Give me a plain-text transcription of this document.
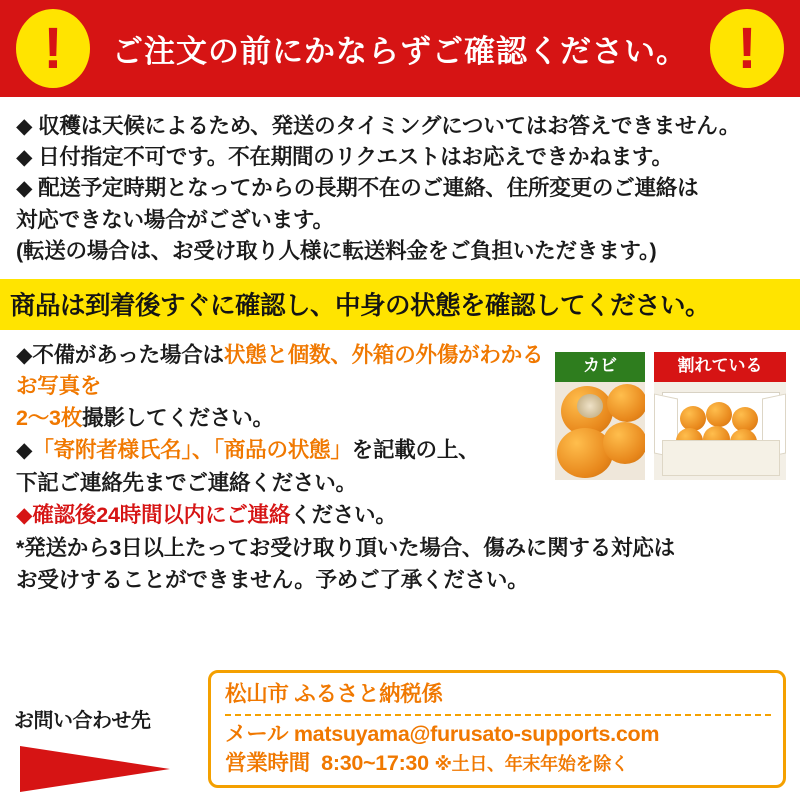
! ご注文の前にかならずご確認ください。 !
◆ 収穫は天候によるため、発送のタイミングについてはお答えできません。
◆ 日付指定不可です。不在期間のリクエストはお応えできかねます。
◆ 配送予定時期となってからの長期不在のご連絡、住所変更のご連絡は
対応できない場合がございます。
(転送の場合は、お受け取り人様に転送料金をご負担いただきます。)
商品は到着後すぐに確認し、中身の状態を確認してください。
カビ	割れている
◆不備があった場合は状態と個数、外箱の外傷がわかるお写真を
2～3枚撮影してください。
◆「寄附者様氏名」、「商品の状態」を記載の上、
下記ご連絡先までご連絡ください。
◆確認後24時間以内にご連絡ください。
*発送から3日以上たってお受け取り頂いた場合、傷みに関する対応は
お受けすることができません。予めご了承ください。
お問い合わせ先
松山市 ふるさと納税係
メール matsuyama@furusato-supports.com
営業時間 8:30~17:30 ※土日、年末年始を除く
